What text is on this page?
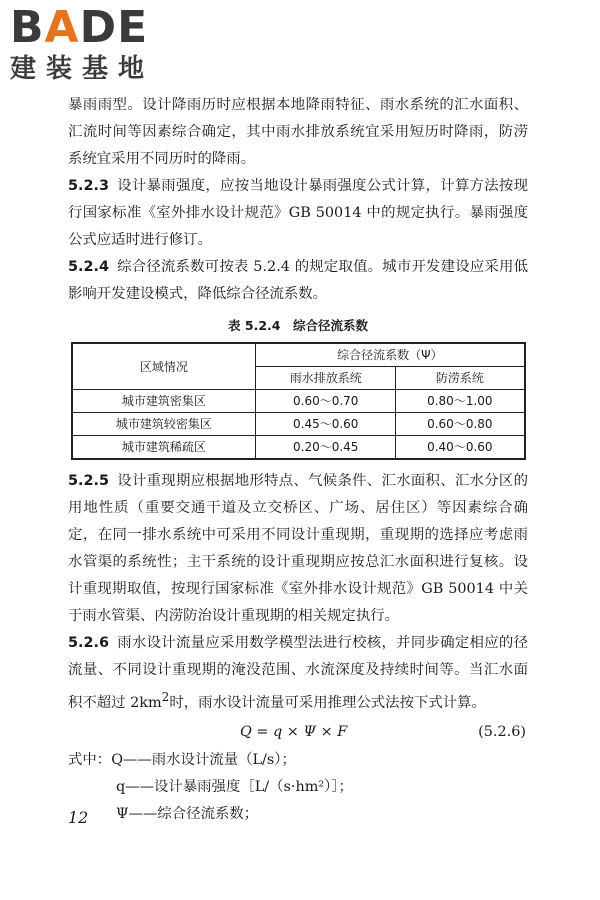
BADE
建装基地

暴雨雨型。设计降雨历时应根据本地降雨特征、雨水系统的汇水面积、汇流时间等因素综合确定，其中雨水排放系统宜采用短历时降雨，防涝系统宜采用不同历时的降雨。

5.2.3 设计暴雨强度，应按当地设计暴雨强度公式计算，计算方法按现行国家标准《室外排水设计规范》GB 50014 中的规定执行。暴雨强度公式应适时进行修订。

5.2.4 综合径流系数可按表 5.2.4 的规定取值。城市开发建设应采用低影响开发建设模式，降低综合径流系数。

表 5.2.4　综合径流系数
区域情况	综合径流系数（Ψ）	
	雨水排放系统	防涝系统
城市建筑密集区	0.60～0.70	0.80～1.00
城市建筑较密集区	0.45～0.60	0.60～0.80
城市建筑稀疏区	0.20～0.45	0.40～0.60

5.2.5 设计重现期应根据地形特点、气候条件、汇水面积、汇水分区的用地性质（重要交通干道及立交桥区、广场、居住区）等因素综合确定，在同一排水系统中可采用不同设计重现期，重现期的选择应考虑雨水管渠的系统性；主干系统的设计重现期应按总汇水面积进行复核。设计重现期取值，按现行国家标准《室外排水设计规范》GB 50014 中关于雨水管渠、内涝防治设计重现期的相关规定执行。

5.2.6 雨水设计流量应采用数学模型法进行校核，并同步确定相应的径流量、不同设计重现期的淹没范围、水流深度及持续时间等。当汇水面积不超过 $2km^2$时，雨水设计流量可采用推理公式法按下式计算。

Q = q × Ψ × F	(5.2.6)

式中：Q——雨水设计流量（L/s）；

q——设计暴雨强度［L/（s·hm²）］；

Ψ——综合径流系数；

12
